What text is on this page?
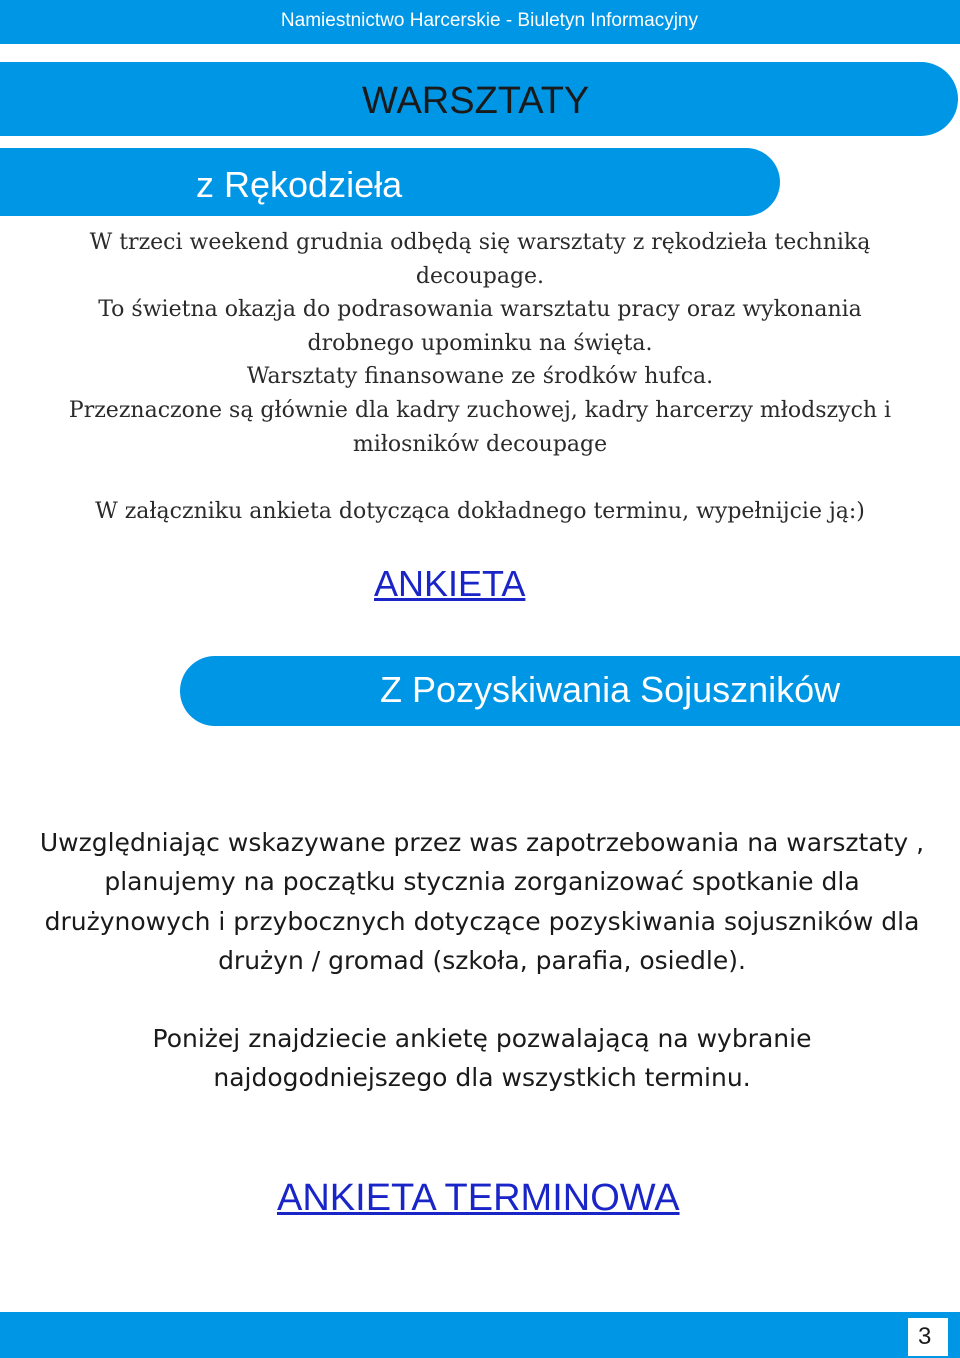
Namiestnictwo Harcerskie - Biuletyn Informacyjny
WARSZTATY
z Rękodzieła
W trzeci weekend grudnia odbędą się warsztaty z rękodzieła techniką
decoupage.
To świetna okazja do podrasowania warsztatu pracy oraz wykonania
drobnego upominku na święta.
Warsztaty finansowane ze środków hufca.
Przeznaczone są głównie dla kadry zuchowej, kadry harcerzy młodszych i
miłosników decoupage
W załączniku ankieta dotycząca dokładnego terminu, wypełnijcie ją:)
ANKIETA
Z Pozyskiwania Sojuszników
Uwzględniając wskazywane przez was zapotrzebowania na warsztaty ,
planujemy na początku stycznia zorganizować spotkanie dla
drużynowych i przybocznych dotyczące pozyskiwania sojuszników dla
drużyn / gromad (szkoła, parafia, osiedle).
Poniżej znajdziecie ankietę pozwalającą na wybranie
najdogodniejszego dla wszystkich terminu.
ANKIETA TERMINOWA
3
